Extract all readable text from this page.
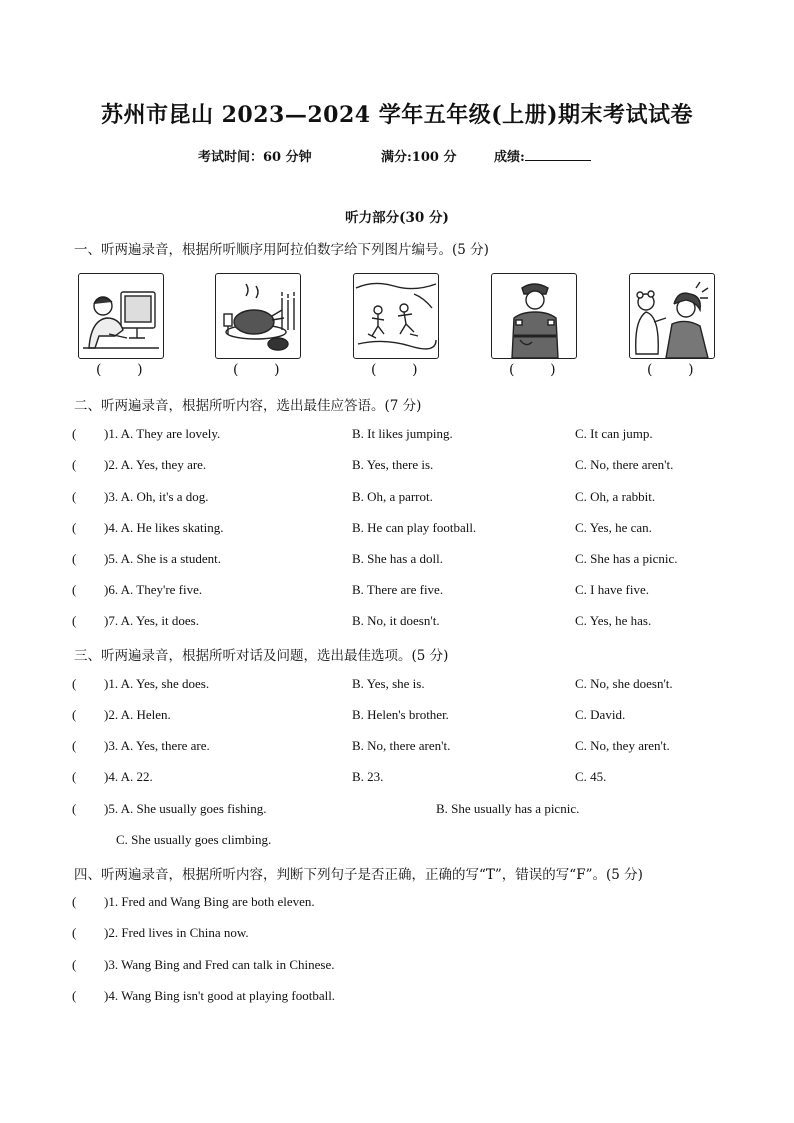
苏州市昆山 2023—2024 学年五年级(上册)期末考试试卷
考试时间：60 分钟	满分:100 分	成绩:
听力部分(30 分)
一、听两遍录音，根据所听顺序用阿拉伯数字给下列图片编号。(5 分)
(        )	(        )	(        )	(        )	(        )
二、听两遍录音，根据所听内容，选出最佳应答语。(7 分)
( )1. A. They are lovely.	B. It likes jumping.	C. It can jump.
( )2. A. Yes, they are.	B. Yes, there is.	C. No, there aren't.
( )3. A. Oh, it's a dog.	B. Oh, a parrot.	C. Oh, a rabbit.
( )4. A. He likes skating.	B. He can play football.	C. Yes, he can.
( )5. A. She is a student.	B. She has a doll.	C. She has a picnic.
( )6. A. They're five.	B. There are five.	C. I have five.
( )7. A. Yes, it does.	B. No, it doesn't.	C. Yes, he has.
三、听两遍录音，根据所听对话及问题，选出最佳选项。(5 分)
( )1. A. Yes, she does.	B. Yes, she is.	C. No, she doesn't.
( )2. A. Helen.	B. Helen's brother.	C. David.
( )3. A. Yes, there are.	B. No, there aren't.	C. No, they aren't.
( )4. A. 22.	B. 23.	C. 45.
( )5. A. She usually goes fishing.	B. She usually has a picnic.
C. She usually goes climbing.
四、听两遍录音，根据所听内容，判断下列句子是否正确，正确的写“T”，错误的写“F”。(5 分)
( )1. Fred and Wang Bing are both eleven.
( )2. Fred lives in China now.
( )3. Wang Bing and Fred can talk in Chinese.
( )4. Wang Bing isn't good at playing football.
